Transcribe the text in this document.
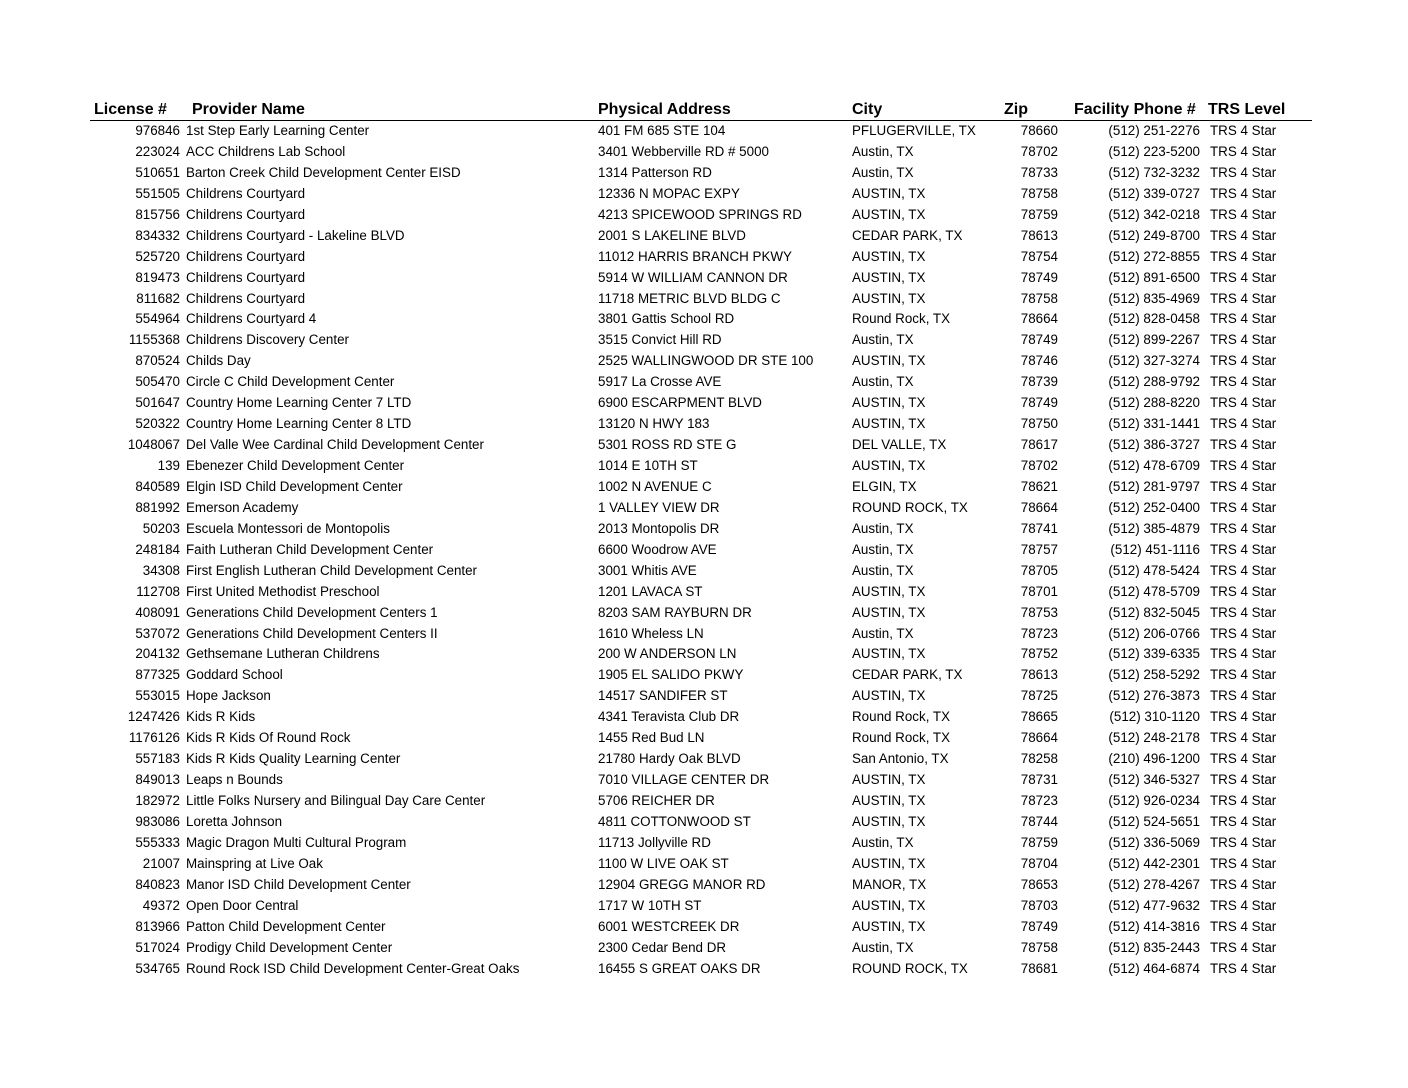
License #	Provider Name	Physical Address	City	Zip	Facility Phone #	TRS Level
976846	1st Step Early Learning Center	401 FM 685 STE 104	PFLUGERVILLE, TX	78660	(512) 251-2276	TRS 4 Star
223024	ACC Childrens Lab School	3401 Webberville RD # 5000	Austin, TX	78702	(512) 223-5200	TRS 4 Star
510651	Barton Creek Child Development Center EISD	1314 Patterson RD	Austin, TX	78733	(512) 732-3232	TRS 4 Star
551505	Childrens Courtyard	12336 N MOPAC EXPY	AUSTIN, TX	78758	(512) 339-0727	TRS 4 Star
815756	Childrens Courtyard	4213 SPICEWOOD SPRINGS RD	AUSTIN, TX	78759	(512) 342-0218	TRS 4 Star
834332	Childrens Courtyard - Lakeline BLVD	2001 S LAKELINE BLVD	CEDAR PARK, TX	78613	(512) 249-8700	TRS 4 Star
525720	Childrens Courtyard	11012 HARRIS BRANCH PKWY	AUSTIN, TX	78754	(512) 272-8855	TRS 4 Star
819473	Childrens Courtyard	5914 W WILLIAM CANNON DR	AUSTIN, TX	78749	(512) 891-6500	TRS 4 Star
811682	Childrens Courtyard	11718 METRIC BLVD BLDG C	AUSTIN, TX	78758	(512) 835-4969	TRS 4 Star
554964	Childrens Courtyard 4	3801 Gattis School RD	Round Rock, TX	78664	(512) 828-0458	TRS 4 Star
1155368	Childrens Discovery Center	3515 Convict Hill RD	Austin, TX	78749	(512) 899-2267	TRS 4 Star
870524	Childs Day	2525 WALLINGWOOD DR STE 100	AUSTIN, TX	78746	(512) 327-3274	TRS 4 Star
505470	Circle C Child Development Center	5917 La Crosse AVE	Austin, TX	78739	(512) 288-9792	TRS 4 Star
501647	Country Home Learning Center 7 LTD	6900 ESCARPMENT BLVD	AUSTIN, TX	78749	(512) 288-8220	TRS 4 Star
520322	Country Home Learning Center 8 LTD	13120 N HWY 183	AUSTIN, TX	78750	(512) 331-1441	TRS 4 Star
1048067	Del Valle Wee Cardinal Child Development Center	5301 ROSS RD STE G	DEL VALLE, TX	78617	(512) 386-3727	TRS 4 Star
139	Ebenezer Child Development Center	1014 E 10TH ST	AUSTIN, TX	78702	(512) 478-6709	TRS 4 Star
840589	Elgin ISD Child Development Center	1002 N AVENUE C	ELGIN, TX	78621	(512) 281-9797	TRS 4 Star
881992	Emerson Academy	1 VALLEY VIEW DR	ROUND ROCK, TX	78664	(512) 252-0400	TRS 4 Star
50203	Escuela Montessori de Montopolis	2013 Montopolis DR	Austin, TX	78741	(512) 385-4879	TRS 4 Star
248184	Faith Lutheran Child Development Center	6600 Woodrow AVE	Austin, TX	78757	(512) 451-1116	TRS 4 Star
34308	First English Lutheran Child Development Center	3001 Whitis AVE	Austin, TX	78705	(512) 478-5424	TRS 4 Star
112708	First United Methodist Preschool	1201 LAVACA ST	AUSTIN, TX	78701	(512) 478-5709	TRS 4 Star
408091	Generations Child Development Centers 1	8203 SAM RAYBURN DR	AUSTIN, TX	78753	(512) 832-5045	TRS 4 Star
537072	Generations Child Development Centers II	1610 Wheless LN	Austin, TX	78723	(512) 206-0766	TRS 4 Star
204132	Gethsemane Lutheran Childrens	200 W ANDERSON LN	AUSTIN, TX	78752	(512) 339-6335	TRS 4 Star
877325	Goddard School	1905 EL SALIDO PKWY	CEDAR PARK, TX	78613	(512) 258-5292	TRS 4 Star
553015	Hope Jackson	14517 SANDIFER ST	AUSTIN, TX	78725	(512) 276-3873	TRS 4 Star
1247426	Kids R Kids	4341 Teravista Club DR	Round Rock, TX	78665	(512) 310-1120	TRS 4 Star
1176126	Kids R Kids Of Round Rock	1455 Red Bud LN	Round Rock, TX	78664	(512) 248-2178	TRS 4 Star
557183	Kids R Kids Quality Learning Center	21780 Hardy Oak BLVD	San Antonio, TX	78258	(210) 496-1200	TRS 4 Star
849013	Leaps n Bounds	7010 VILLAGE CENTER DR	AUSTIN, TX	78731	(512) 346-5327	TRS 4 Star
182972	Little Folks Nursery and Bilingual Day Care Center	5706 REICHER DR	AUSTIN, TX	78723	(512) 926-0234	TRS 4 Star
983086	Loretta Johnson	4811 COTTONWOOD ST	AUSTIN, TX	78744	(512) 524-5651	TRS 4 Star
555333	Magic Dragon Multi Cultural Program	11713 Jollyville RD	Austin, TX	78759	(512) 336-5069	TRS 4 Star
21007	Mainspring at Live Oak	1100 W LIVE OAK ST	AUSTIN, TX	78704	(512) 442-2301	TRS 4 Star
840823	Manor ISD Child Development Center	12904 GREGG MANOR RD	MANOR, TX	78653	(512) 278-4267	TRS 4 Star
49372	Open Door Central	1717 W 10TH ST	AUSTIN, TX	78703	(512) 477-9632	TRS 4 Star
813966	Patton Child Development Center	6001 WESTCREEK DR	AUSTIN, TX	78749	(512) 414-3816	TRS 4 Star
517024	Prodigy Child Development Center	2300 Cedar Bend DR	Austin, TX	78758	(512) 835-2443	TRS 4 Star
534765	Round Rock ISD Child Development Center-Great Oaks	16455 S GREAT OAKS DR	ROUND ROCK, TX	78681	(512) 464-6874	TRS 4 Star
